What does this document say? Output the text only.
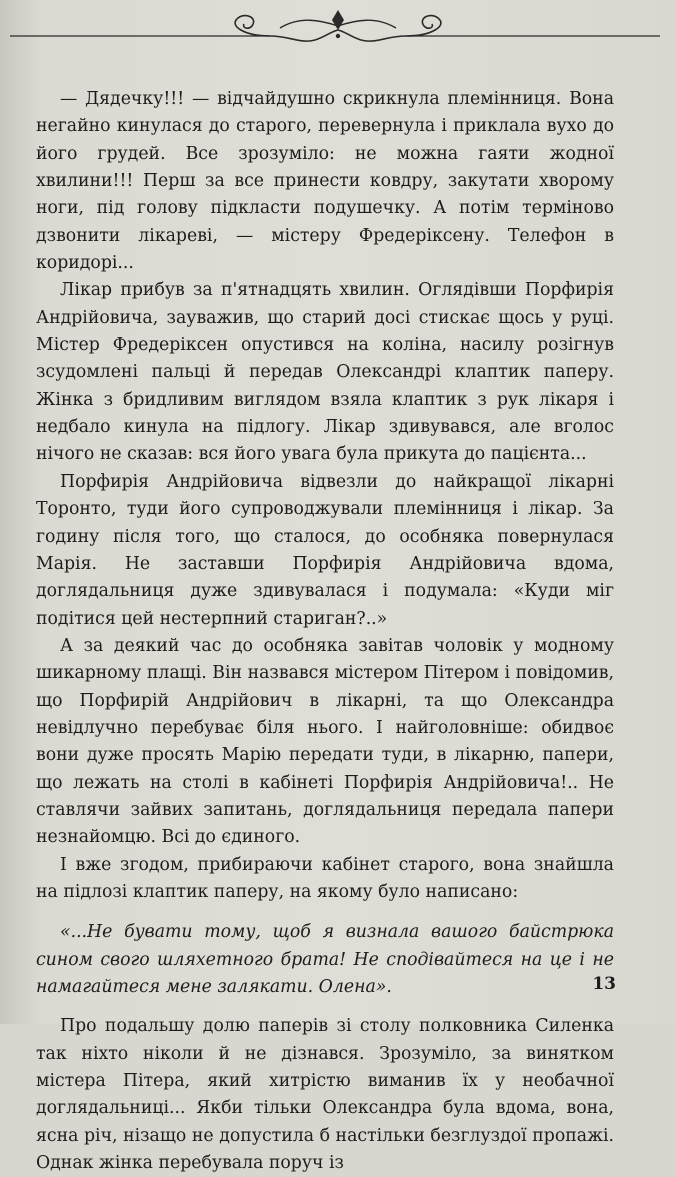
— Дядечку!!! — відчайдушно скрикнула племінниця. Вона негайно кинулася до старого, перевернула і приклала вухо до його грудей. Все зрозуміло: не можна гаяти жодної хвилини!!! Перш за все принести ковдру, закутати хворому ноги, під голову підкласти подушечку. А потім терміново дзвонити лікареві, — містеру Фредеріксену. Телефон в коридорі...

Лікар прибув за п'ятнадцять хвилин. Оглядівши Порфирія Андрійовича, зауважив, що старий досі стискає щось у руці. Містер Фредеріксен опустився на коліна, насилу розігнув зсудомлені пальці й передав Олександрі клаптик паперу. Жінка з бридливим виглядом взяла клаптик з рук лікаря і недбало кинула на підлогу. Лікар здивувався, але вголос нічого не сказав: вся його увага була прикута до пацієнта...

Порфирія Андрійовича відвезли до найкращої лікарні Торонто, туди його супроводжували племінниця і лікар. За годину після того, що сталося, до особняка повернулася Марія. Не заставши Порфирія Андрійовича вдома, доглядальниця дуже здивувалася і подумала: «Куди міг подітися цей нестерпний стариган?..»

А за деякий час до особняка завітав чоловік у модному шикарному плащі. Він назвався містером Пітером і повідомив, що Порфирій Андрійович в лікарні, та що Олександра невідлучно перебуває біля нього. І найголовніше: обидвоє вони дуже просять Марію передати туди, в лікарню, папери, що лежать на столі в кабінеті Порфирія Андрійовича!.. Не ставлячи зайвих запитань, доглядальниця передала папери незнайомцю. Всі до єдиного.

І вже згодом, прибираючи кабінет старого, вона знайшла на підлозі клаптик паперу, на якому було написано:

«...Не бувати тому, щоб я визнала вашого байстрюка сином свого шляхетного брата! Не сподівайтеся на це і не намагайтеся мене залякати. Олена».

Про подальшу долю паперів зі столу полковника Силенка так ніхто ніколи й не дізнався. Зрозуміло, за винятком містера Пітера, який хитрістю виманив їх у необачної доглядальниці... Якби тільки Олександра була вдома, вона, ясна річ, нізащо не допустила б настільки безглуздої пропажі. Однак жінка перебувала поруч із

13
